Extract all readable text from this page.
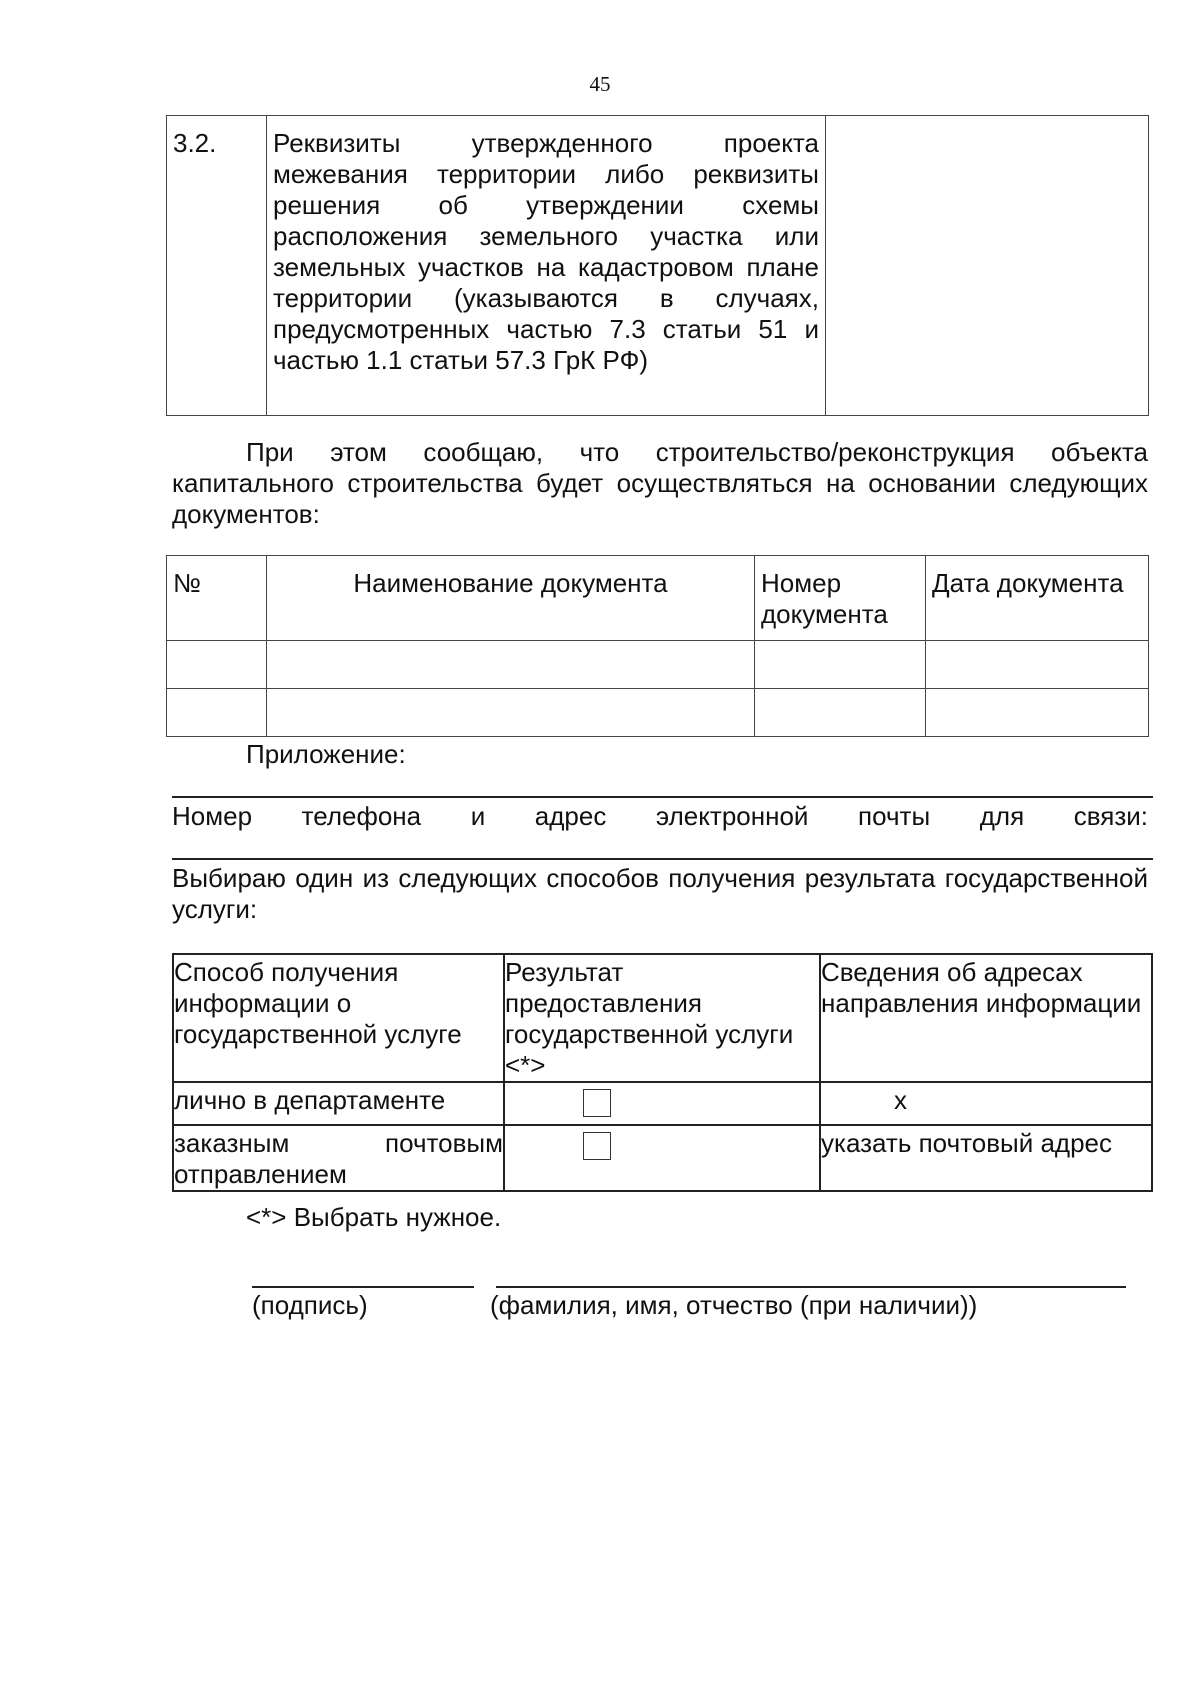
45
3.2.	Реквизиты утвержденного проекта межевания территории либо реквизиты решения об утверждении схемы расположения земельного участка или земельных участков на кадастровом плане территории (указываются в случаях, предусмотренных частью 7.3 статьи 51 и частью 1.1 статьи 57.3 ГрК РФ)	
При этом сообщаю, что строительство/реконструкция объекта капитального строительства будет осуществляться на основании следующих документов:
№	Наименование документа	Номер документа	Дата документа

Приложение:
Номер телефона и адрес электронной почты для связи:
Выбираю один из следующих способов получения результата государственной услуги:
Способ получения информации о государственной услуге	Результат предоставления государственной услуги <*>	Сведения об адресах направления информации
лично в департаменте		х

заказным почтовым отправлением		указать почтовый адрес
<*> Выбрать нужное.
(подпись)	(фамилия, имя, отчество (при наличии))
